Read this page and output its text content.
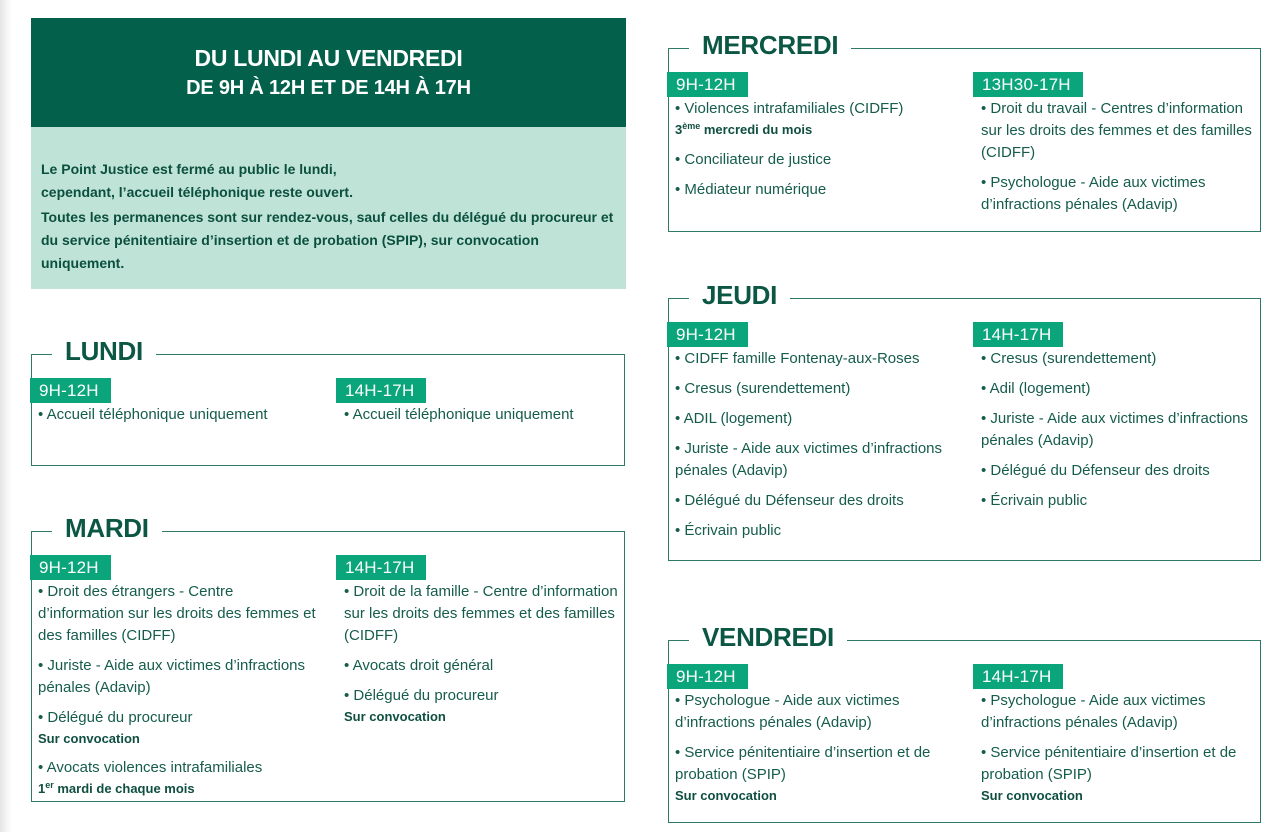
DU LUNDI AU VENDREDI
DE 9H À 12H ET DE 14H À 17H

Le Point Justice est fermé au public le lundi,
cependant, l’accueil téléphonique reste ouvert.

Toutes les permanences sont sur rendez-vous, sauf celles du délégué du procureur et du service pénitentiaire d’insertion et de probation (SPIP), sur convocation uniquement.

LUNDI
9H-12H
• Accueil téléphonique uniquement
14H-17H
• Accueil téléphonique uniquement
MARDI
9H-12H
• Droit des étrangers - Centre d’information sur les droits des femmes et des familles (CIDFF)
• Juriste - Aide aux victimes d’infractions pénales (Adavip)
• Délégué du procureur
Sur convocation
• Avocats violences intrafamiliales
1er mardi de chaque mois
14H-17H
• Droit de la famille - Centre d’information sur les droits des femmes et des familles (CIDFF)
• Avocats droit général
• Délégué du procureur
Sur convocation
MERCREDI
9H-12H
• Violences intrafamiliales (CIDFF)
3ème mercredi du mois
• Conciliateur de justice
• Médiateur numérique
13H30-17H
• Droit du travail - Centres d’information sur les droits des femmes et des familles (CIDFF)
• Psychologue - Aide aux victimes d’infractions pénales (Adavip)
JEUDI
9H-12H
• CIDFF famille Fontenay-aux-Roses
• Cresus (surendettement)
• ADIL (logement)
• Juriste - Aide aux victimes d’infractions pénales (Adavip)
• Délégué du Défenseur des droits
• Écrivain public
14H-17H
• Cresus (surendettement)
• Adil (logement)
• Juriste - Aide aux victimes d’infractions pénales (Adavip)
• Délégué du Défenseur des droits
• Écrivain public
VENDREDI
9H-12H
• Psychologue - Aide aux victimes d’infractions pénales (Adavip)
• Service pénitentiaire d’insertion et de probation (SPIP)
Sur convocation
14H-17H
• Psychologue - Aide aux victimes d’infractions pénales (Adavip)
• Service pénitentiaire d’insertion et de probation (SPIP)
Sur convocation
